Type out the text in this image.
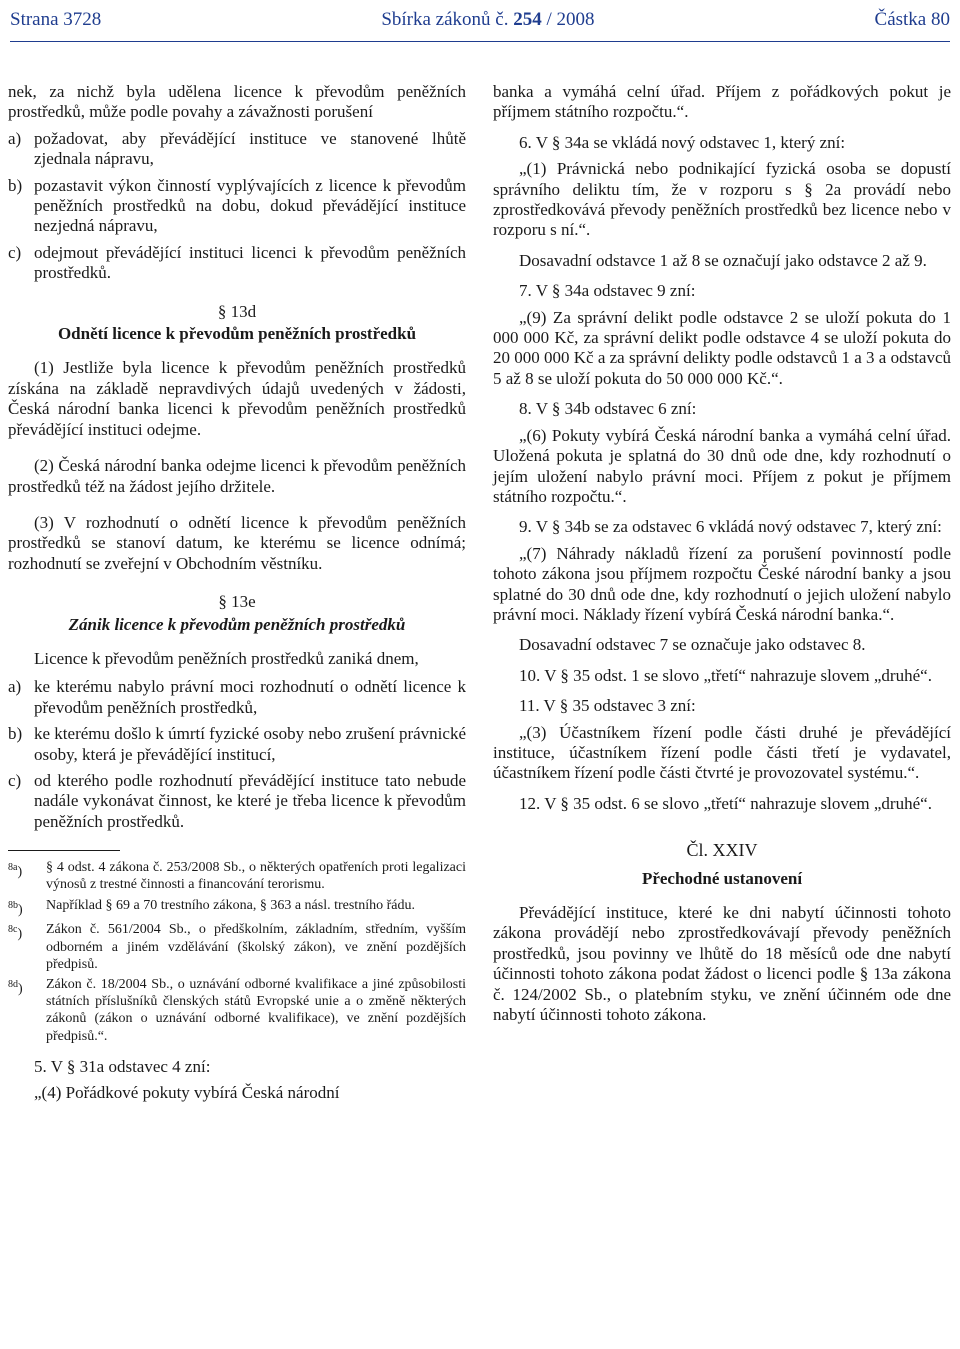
Strana 3728	Sbírka zákonů č. 254 / 2008	Částka 80

nek, za nichž byla udělena licence k převodům peněžních prostředků, může podle povahy a závažnosti porušení

a) požadovat, aby převádějící instituce ve stanovené lhůtě zjednala nápravu,
b) pozastavit výkon činností vyplývajících z licence k převodům peněžních prostředků na dobu, dokud převádějící instituce nezjedná nápravu,
c) odejmout převádějící instituci licenci k převodům peněžních prostředků.
§ 13d
Odnětí licence k převodům peněžních prostředků

(1) Jestliže byla licence k převodům peněžních prostředků získána na základě nepravdivých údajů uvedených v žádosti, Česká národní banka licenci k převodům peněžních prostředků převádějící instituci odejme.

(2) Česká národní banka odejme licenci k převodům peněžních prostředků též na žádost jejího držitele.

(3) V rozhodnutí o odnětí licence k převodům peněžních prostředků se stanoví datum, ke kterému se licence odnímá; rozhodnutí se zveřejní v Obchodním věstníku.

§ 13e
Zánik licence k převodům peněžních prostředků

Licence k převodům peněžních prostředků zaniká dnem,

a) ke kterému nabylo právní moci rozhodnutí o odnětí licence k převodům peněžních prostředků,
b) ke kterému došlo k úmrtí fyzické osoby nebo zrušení právnické osoby, která je převádějící institucí,
c) od kterého podle rozhodnutí převádějící instituce tato nebude nadále vykonávat činnost, ke které je třeba licence k převodům peněžních prostředků.
$^{8a}$)	§ 4 odst. 4 zákona č. 253/2008 Sb., o některých opatřeních proti legalizaci výnosů z trestné činnosti a financování terorismu.
$^{8b}$)	Například § 69 a 70 trestního zákona, § 363 a násl. trestního řádu.
$^{8c}$)	Zákon č. 561/2004 Sb., o předškolním, základním, středním, vyšším odborném a jiném vzdělávání (školský zákon), ve znění pozdějších předpisů.
$^{8d}$)	Zákon č. 18/2004 Sb., o uznávání odborné kvalifikace a jiné způsobilosti státních příslušníků členských států Evropské unie a o změně některých zákonů (zákon o uznávání odborné kvalifikace), ve znění pozdějších předpisů.“.

5. V § 31a odstavec 4 zní:

„(4) Pořádkové pokuty vybírá Česká národní

banka a vymáhá celní úřad. Příjem z pořádkových pokut je příjmem státního rozpočtu.“.

6. V § 34a se vkládá nový odstavec 1, který zní:

„(1) Právnická nebo podnikající fyzická osoba se dopustí správního deliktu tím, že v rozporu s § 2a provádí nebo zprostředkovává převody peněžních prostředků bez licence nebo v rozporu s ní.“.

Dosavadní odstavce 1 až 8 se označují jako odstavce 2 až 9.

7. V § 34a odstavec 9 zní:

„(9) Za správní delikt podle odstavce 2 se uloží pokuta do 1 000 000 Kč, za správní delikt podle odstavce 4 se uloží pokuta do 20 000 000 Kč a za správní delikty podle odstavců 1 a 3 a odstavců 5 až 8 se uloží pokuta do 50 000 000 Kč.“.

8. V § 34b odstavec 6 zní:

„(6) Pokuty vybírá Česká národní banka a vymáhá celní úřad. Uložená pokuta je splatná do 30 dnů ode dne, kdy rozhodnutí o jejím uložení nabylo právní moci. Příjem z pokut je příjmem státního rozpočtu.“.

9. V § 34b se za odstavec 6 vkládá nový odstavec 7, který zní:

„(7) Náhrady nákladů řízení za porušení povinností podle tohoto zákona jsou příjmem rozpočtu České národní banky a jsou splatné do 30 dnů ode dne, kdy rozhodnutí o jejich uložení nabylo právní moci. Náklady řízení vybírá Česká národní banka.“.

Dosavadní odstavec 7 se označuje jako odstavec 8.

10. V § 35 odst. 1 se slovo „třetí“ nahrazuje slovem „druhé“.

11. V § 35 odstavec 3 zní:

„(3) Účastníkem řízení podle části druhé je převádějící instituce, účastníkem řízení podle části třetí je vydavatel, účastníkem řízení podle části čtvrté je provozovatel systému.“.

12. V § 35 odst. 6 se slovo „třetí“ nahrazuje slovem „druhé“.

Čl. XXIV
Přechodné ustanovení

Převádějící instituce, které ke dni nabytí účinnosti tohoto zákona provádějí nebo zprostředkovávají převody peněžních prostředků, jsou povinny ve lhůtě do 18 měsíců ode dne nabytí účinnosti tohoto zákona podat žádost o licenci podle § 13a zákona č. 124/2002 Sb., o platebním styku, ve znění účinném ode dne nabytí účinnosti tohoto zákona.
